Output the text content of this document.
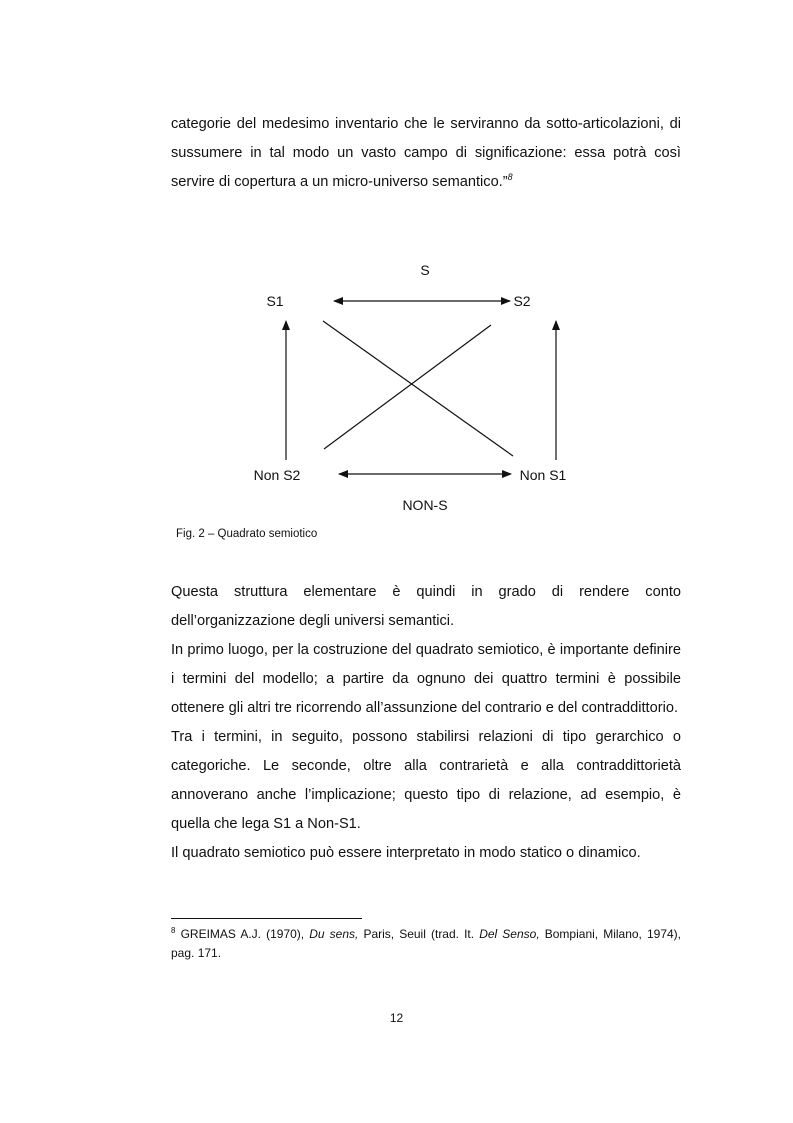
categorie del medesimo inventario che le serviranno da sotto-articolazioni, di sussumere in tal modo un vasto campo di significazione: essa potrà così servire di copertura a un micro-universo semantico.”$^8$

S
S1	S2
Non S2	Non S1
NON-S
Fig. 2 – Quadrato semiotico

Questa struttura elementare è quindi in grado di rendere conto dell’organizzazione degli universi semantici.

In primo luogo, per la costruzione del quadrato semiotico, è importante definire i termini del modello; a partire da ognuno dei quattro termini è possibile ottenere gli altri tre ricorrendo all’assunzione del contrario e del contraddittorio.

Tra i termini, in seguito, possono stabilirsi relazioni di tipo gerarchico o categoriche. Le seconde, oltre alla contrarietà e alla contraddittorietà annoverano anche l’implicazione; questo tipo di relazione, ad esempio, è quella che lega S1 a Non-S1.

Il quadrato semiotico può essere interpretato in modo statico o dinamico.

$^8$ GREIMAS A.J. (1970), Du sens, Paris, Seuil (trad. It. Del Senso, Bompiani, Milano, 1974), pag. 171.
12
